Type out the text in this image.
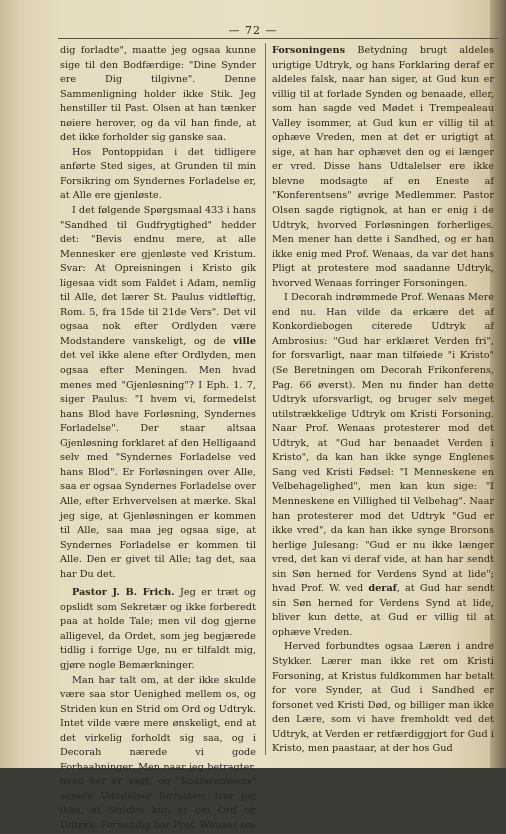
— 72 —

dig forladte", maatte jeg ogsaa kunne sige til den Bodfærdige: "Dine Synder ere Dig tilgivne". Denne Sammenligning holder ikke Stik. Jeg henstiller til Past. Olsen at han tænker nøiere herover, og da vil han finde, at det ikke forholder sig ganske saa.

Hos Pontoppidan i det tidligere anførte Sted siges, at Grunden til min Forsikring om Syndernes Forladelse er, at Alle ere gjenløste.

I det følgende Spørgsmaal 433 i hans "Sandhed til Gudfrygtighed" hedder det: "Bevis endnu mere, at alle Mennesker ere gjenløste ved Kristum. Svar: At Opreisningen i Kristo gik ligesaa vidt som Faldet i Adam, nemlig til Alle, det lærer St. Paulus vidtløftig, Rom. 5, fra 15de til 21de Vers". Det vil ogsaa nok efter Ordlyden være Modstandere vanskeligt, og de ville det vel ikke alene efter Ordlyden, men ogsaa efter Meningen. Men hvad menes med "Gjenløsning"? I Eph. 1. 7, siger Paulus: "I hvem vi, formedelst hans Blod have Forløsning, Syndernes Forladelse". Der staar altsaa Gjenløsning forklaret af den Helligaand selv med "Syndernes Forladelse ved hans Blod". Er Forløsningen over Alle, saa er ogsaa Syndernes Forladelse over Alle, efter Erhvervelsen at mærke. Skal jeg sige, at Gjenløsningen er kommen til Alle, saa maa jeg ogsaa sige, at Syndernes Forladelse er kommen til Alle. Den er givet til Alle; tag det, saa har Du det.

Pastor J. B. Frich. Jeg er træt og opslidt som Sekretær og ikke forberedt paa at holde Tale; men vil dog gjerne alligevel, da Ordet, som jeg begjærede tidlig i forrige Uge, nu er tilfaldt mig, gjøre nogle Bemærkninger.

Man har talt om, at der ikke skulde være saa stor Uenighed mellem os, og Striden kun en Strid om Ord og Udtryk. Intet vilde være mere ønskeligt, end at det virkelig forholdt sig saa, og i Decorah nærede vi gode Forhaabninger. Men naar jeg betragter, hvad her er sagt, og "Konferentsens" senere Udtalelser forresten, tror jeg ikke, at Striden kun er om Ord og Udtryk. Fornemlig har Prof. Wenaas om

Forsoningens Betydning brugt aldeles urigtige Udtryk, og hans Forklaring deraf er aldeles falsk, naar han siger, at Gud kun er villig til at forlade Synden og benaade, eller, som han sagde ved Mødet i Trempealeau Valley isommer, at Gud kun er villig til at ophæve Vreden, men at det er urigtigt at sige, at han har ophævet den og ei længer er vred. Disse hans Udtalelser ere ikke blevne modsagte af en Eneste af "Konferentsens" øvrige Medlemmer. Pastor Olsen sagde rigtignok, at han er enig i de Udtryk, hvorved Forløsningen forherliges. Men mener han dette i Sandhed, og er han ikke enig med Prof. Wenaas, da var det hans Pligt at protestere mod saadanne Udtryk, hvorved Wenaas forringer Forsoningen.

I Decorah indrømmede Prof. Wenaas Mere end nu. Han vilde da erkære det af Konkordiebogen citerede Udtryk af Ambrosius: "Gud har erklæret Verden fri", for forsvarligt, naar man tilføiede "i Kristo" (Se Beretningen om Decorah Frikonferens, Pag. 66 øverst). Men nu finder han dette Udtryk uforsvarligt, og bruger selv meget utilstrækkelige Udtryk om Kristi Forsoning. Naar Prof. Wenaas protesterer mod det Udtryk, at "Gud har benaadet Verden i Kristo", da kan han ikke synge Englenes Sang ved Kristi Fødsel: "I Menneskene en Velbehagelighed", men kan kun sige: "I Menneskene en Villighed til Velbehag". Naar han protesterer mod det Udtryk "Gud er ikke vred", da kan han ikke synge Brorsons herlige Julesang: "Gud er nu ikke længer vred, det kan vi deraf vide, at han har sendt sin Søn herned for Verdens Synd at lide"; hvad Prof. W. ved deraf, at Gud har sendt sin Søn herned for Verdens Synd at lide, bliver kun dette, at Gud er villig til at ophæve Vreden.

Herved forbundtes ogsaa Læren i andre Stykker. Lærer man ikke ret om Kristi Forsoning, at Kristus fuldkommen har betalt for vore Synder, at Gud i Sandhed er forsonet ved Kristi Død, og billiger man ikke den Lære, som vi have fremholdt ved det Udtryk, at Verden er retfærdiggjort for Gud i Kristo, men paastaar, at der hos Gud
